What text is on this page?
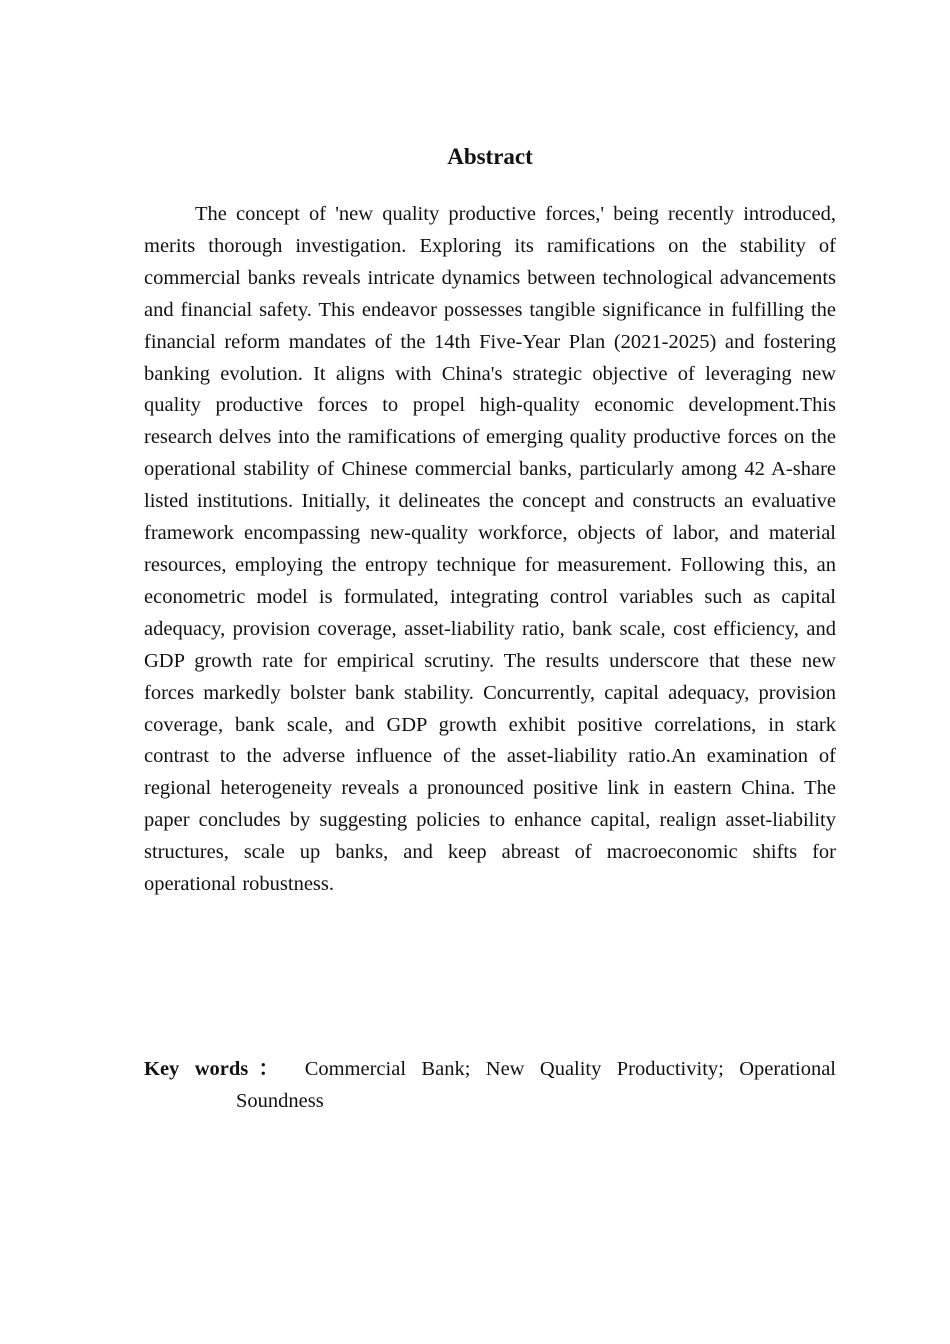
Abstract

The concept of 'new quality productive forces,' being recently introduced, merits thorough investigation. Exploring its ramifications on the stability of commercial banks reveals intricate dynamics between technological advancements and financial safety. This endeavor possesses tangible significance in fulfilling the financial reform mandates of the 14th Five-Year Plan (2021-2025) and fostering banking evolution. It aligns with China's strategic objective of leveraging new quality productive forces to propel high-quality economic development.This research delves into the ramifications of emerging quality productive forces on the operational stability of Chinese commercial banks, particularly among 42 A-share listed institutions. Initially, it delineates the concept and constructs an evaluative framework encompassing new-quality workforce, objects of labor, and material resources, employing the entropy technique for measurement. Following this, an econometric model is formulated, integrating control variables such as capital adequacy, provision coverage, asset-liability ratio, bank scale, cost efficiency, and GDP growth rate for empirical scrutiny. The results underscore that these new forces markedly bolster bank stability. Concurrently, capital adequacy, provision coverage, bank scale, and GDP growth exhibit positive correlations, in stark contrast to the adverse influence of the asset-liability ratio.An examination of regional heterogeneity reveals a pronounced positive link in eastern China. The paper concludes by suggesting policies to enhance capital, realign asset-liability structures, scale up banks, and keep abreast of macroeconomic shifts for operational robustness.

Key words： Commercial Bank; New Quality Productivity; Operational Soundness
